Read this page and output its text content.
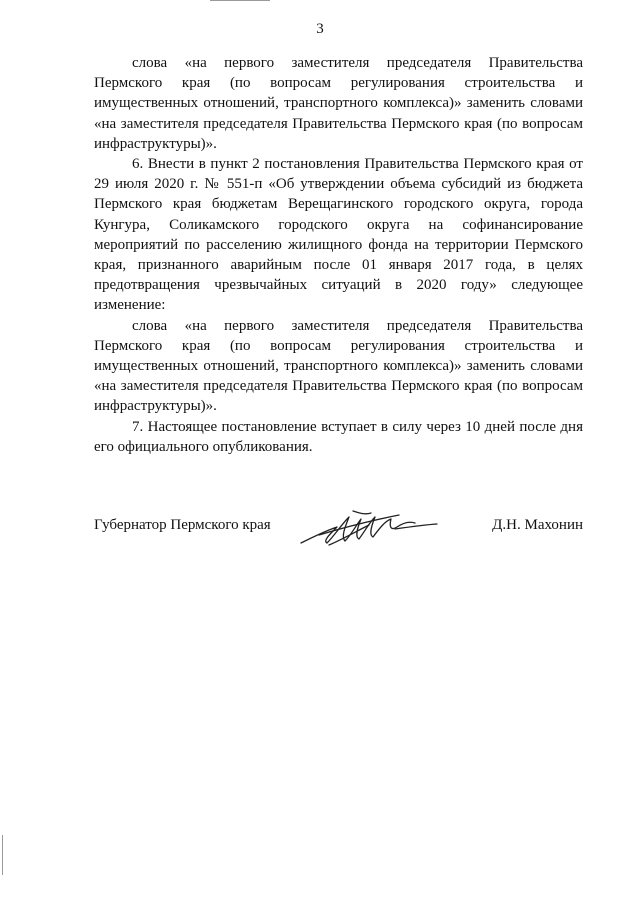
3

слова «на первого заместителя председателя Правительства Пермского края (по вопросам регулирования строительства и имущественных отношений, транспортного комплекса)» заменить словами «на заместителя председателя Правительства Пермского края (по вопросам инфраструктуры)».

6. Внести в пункт 2 постановления Правительства Пермского края от 29 июля 2020 г. № 551-п «Об утверждении объема субсидий из бюджета Пермского края бюджетам Верещагинского городского округа, города Кунгура, Соликамского городского округа на софинансирование мероприятий по расселению жилищного фонда на территории Пермского края, признанного аварийным после 01 января 2017 года, в целях предотвращения чрезвычайных ситуаций в 2020 году» следующее изменение:

слова «на первого заместителя председателя Правительства Пермского края (по вопросам регулирования строительства и имущественных отношений, транспортного комплекса)» заменить словами «на заместителя председателя Правительства Пермского края (по вопросам инфраструктуры)».

7. Настоящее постановление вступает в силу через 10 дней после дня его официального опубликования.

Губернатор Пермского края	Д.Н. Махонин
